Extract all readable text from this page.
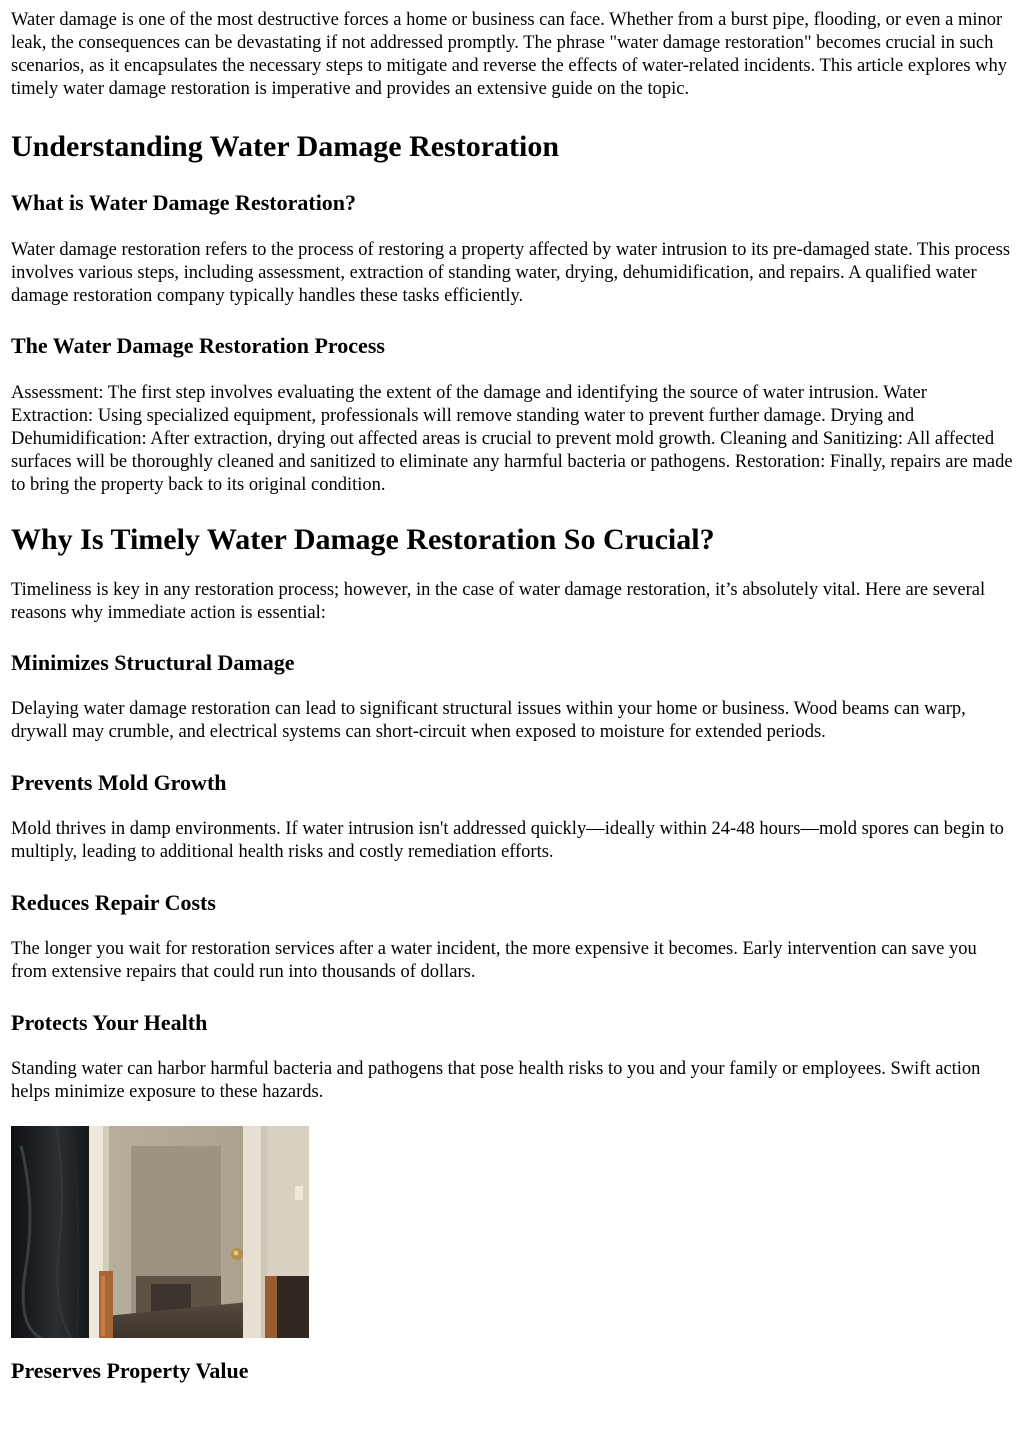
Water damage is one of the most destructive forces a home or business can face. Whether from a burst pipe, flooding, or even a minor leak, the consequences can be devastating if not addressed promptly. The phrase "water damage restoration" becomes crucial in such scenarios, as it encapsulates the necessary steps to mitigate and reverse the effects of water-related incidents. This article explores why timely water damage restoration is imperative and provides an extensive guide on the topic.

Understanding Water Damage Restoration
What is Water Damage Restoration?

Water damage restoration refers to the process of restoring a property affected by water intrusion to its pre-damaged state. This process involves various steps, including assessment, extraction of standing water, drying, dehumidification, and repairs. A qualified water damage restoration company typically handles these tasks efficiently.

The Water Damage Restoration Process

Assessment: The first step involves evaluating the extent of the damage and identifying the source of water intrusion. Water Extraction: Using specialized equipment, professionals will remove standing water to prevent further damage. Drying and Dehumidification: After extraction, drying out affected areas is crucial to prevent mold growth. Cleaning and Sanitizing: All affected surfaces will be thoroughly cleaned and sanitized to eliminate any harmful bacteria or pathogens. Restoration: Finally, repairs are made to bring the property back to its original condition.

Why Is Timely Water Damage Restoration So Crucial?

Timeliness is key in any restoration process; however, in the case of water damage restoration, it’s absolutely vital. Here are several reasons why immediate action is essential:

Minimizes Structural Damage

Delaying water damage restoration can lead to significant structural issues within your home or business. Wood beams can warp, drywall may crumble, and electrical systems can short-circuit when exposed to moisture for extended periods.

Prevents Mold Growth

Mold thrives in damp environments. If water intrusion isn't addressed quickly—ideally within 24-48 hours—mold spores can begin to multiply, leading to additional health risks and costly remediation efforts.

Reduces Repair Costs

The longer you wait for restoration services after a water incident, the more expensive it becomes. Early intervention can save you from extensive repairs that could run into thousands of dollars.

Protects Your Health

Standing water can harbor harmful bacteria and pathogens that pose health risks to you and your family or employees. Swift action helps minimize exposure to these hazards.

Preserves Property Value
